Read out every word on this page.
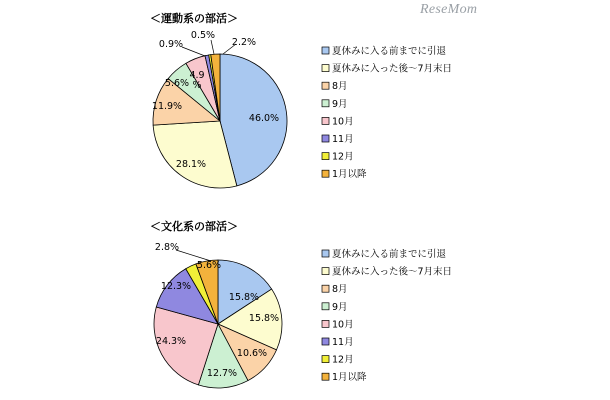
ReseMom
＜運動系の部活＞
46.0%
28.1%
11.9%
5.6%
4.9 %
0.9%
0.5%
2.2%
夏休みに入る前までに引退
夏休みに入った後～7月末日
8月
9月
10月
11月
12月
1月以降
＜文化系の部活＞
15.8%
15.8%
10.6%
12.7%
24.3%
12.3%
2.8%
5.6%
夏休みに入る前までに引退
夏休みに入った後～7月末日
8月
9月
10月
11月
12月
1月以降
